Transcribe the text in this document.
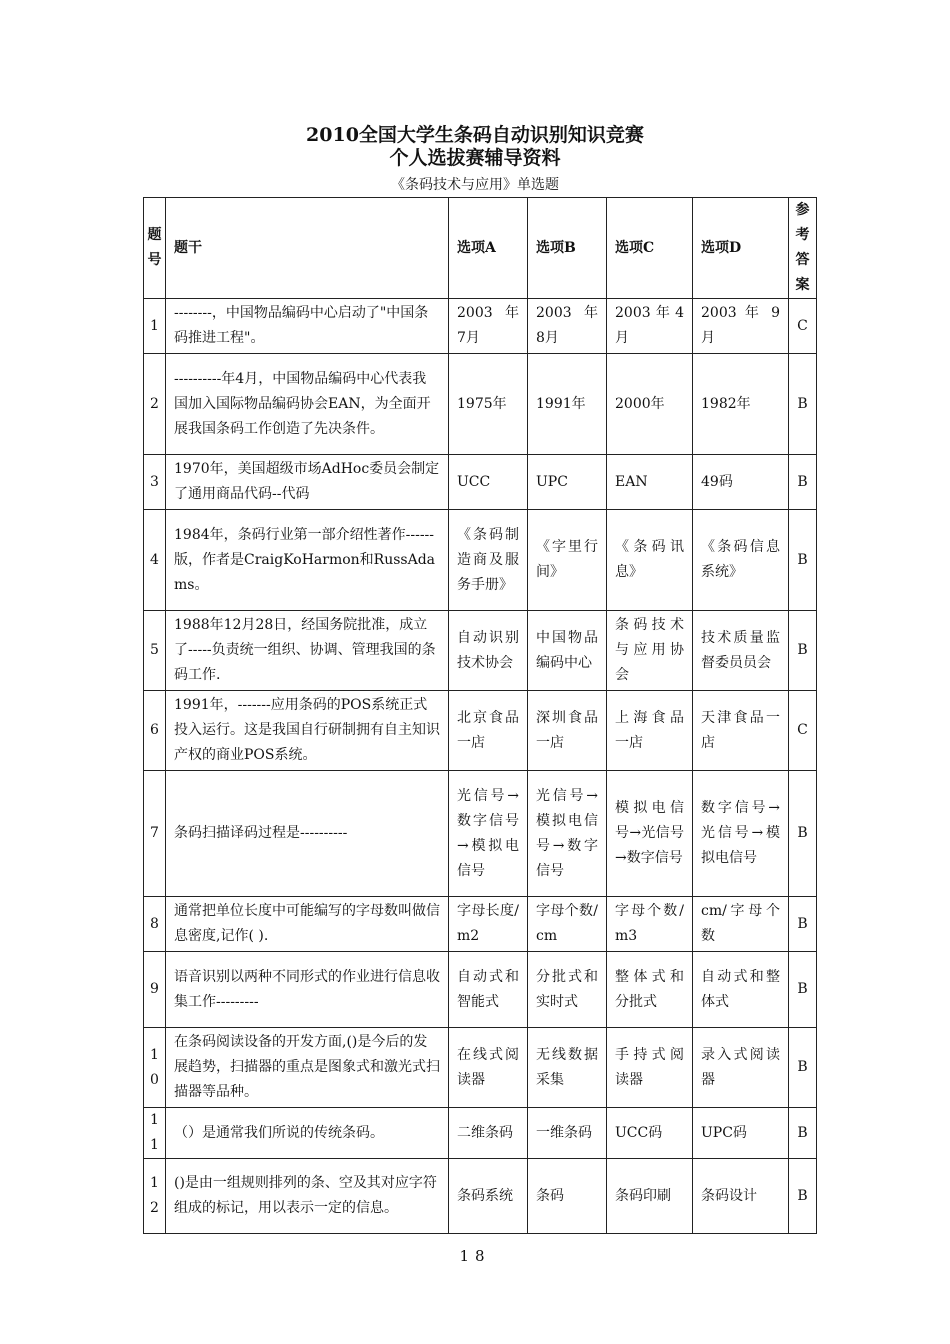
2010全国大学生条码自动识别知识竞赛
个人选拔赛辅导资料
《条码技术与应用》单选题
题号	题干	选项A	选项B	选项C	选项D	参考答案
1	--------，中国物品编码中心启动了"中国条码推进工程"。	2003 年 7月	2003 年 8月	2003年4月	2003 年 9月	C
2	----------年4月，中国物品编码中心代表我国加入国际物品编码协会EAN，为全面开展我国条码工作创造了先决条件。	1975年	1991年	2000年	1982年	B
3	1970年，美国超级市场AdHoc委员会制定了通用商品代码--代码	UCC	UPC	EAN	49码	B
4	1984年，条码行业第一部介绍性著作------版，作者是CraigKoHarmon和RussAdams。	《条码制造商及服务手册》	《字里行间》	《条码讯息》	《条码信息系统》	B
5	1988年12月28日，经国务院批准，成立了-----负责统一组织、协调、管理我国的条码工作.	自动识别技术协会	中国物品编码中心	条码技术与应用协会	技术质量监督委员员会	B
6	1991年，-------应用条码的POS系统正式投入运行。这是我国自行研制拥有自主知识产权的商业POS系统。	北京食品一店	深圳食品一店	上海食品一店	天津食品一店	C
7	条码扫描译码过程是----------	光信号→数字信号→模拟电信号	光信号→模拟电信号→数字信号	模拟电信号→光信号→数字信号	数字信号→光信号→模拟电信号	B
8	通常把单位长度中可能编写的字母数叫做信息密度,记作( ).	字母长度/m2	字母个数/cm	字母个数/m3	cm/字母个数	B
9	语音识别以两种不同形式的作业进行信息收集工作---------	自动式和智能式	分批式和实时式	整体式和分批式	自动式和整体式	B
10	在条码阅读设备的开发方面,()是今后的发展趋势，扫描器的重点是图象式和激光式扫描器等品种。	在线式阅读器	无线数据采集	手持式阅读器	录入式阅读器	B
11	（）是通常我们所说的传统条码。	二维条码	一维条码	UCC码	UPC码	B
12	()是由一组规则排列的条、空及其对应字符组成的标记，用以表示一定的信息。	条码系统	条码	条码印刷	条码设计	B
18
